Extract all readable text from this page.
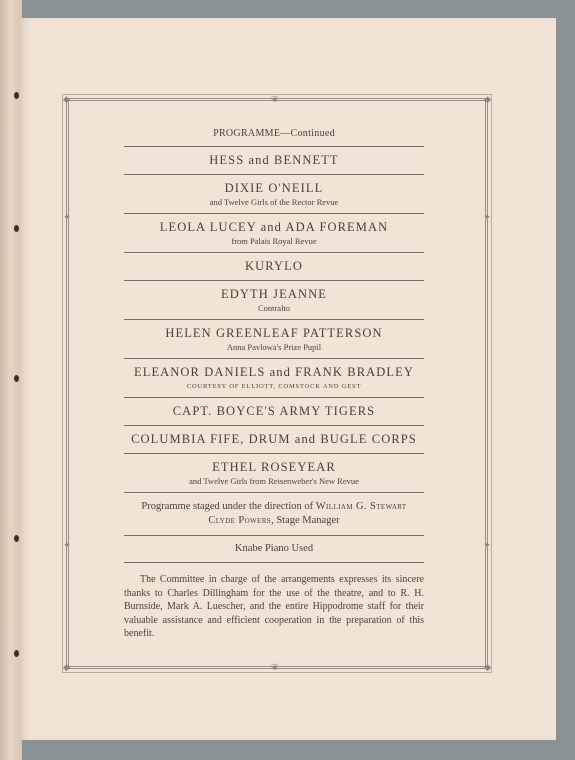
◆	◆
◆	◆
❦
❦
✦	✦
✦	✦
PROGRAMME—Continued
HESS and BENNETT
DIXIE O'NEILL
and Twelve Girls of the Rector Revue
LEOLA LUCEY and ADA FOREMAN
from Palais Royal Revue
KURYLO
EDYTH JEANNE
Contralto
HELEN GREENLEAF PATTERSON
Anna Pavlowa's Prize Pupil
ELEANOR DANIELS and FRANK BRADLEY
COURTESY OF ELLIOTT, COMSTOCK AND GEST
CAPT. BOYCE'S ARMY TIGERS
COLUMBIA FIFE, DRUM and BUGLE CORPS
ETHEL ROSEYEAR
and Twelve Girls from Reisenweber's New Revue
Programme staged under the direction of William G. Stewart
Clyde Powers, Stage Manager
Knabe Piano Used
The Committee in charge of the arrangements expresses its sincere thanks to Charles Dillingham for the use of the theatre, and to R. H. Burnside, Mark A. Luescher, and the entire Hippodrome staff for their valuable assistance and efficient cooperation in the preparation of this benefit.
